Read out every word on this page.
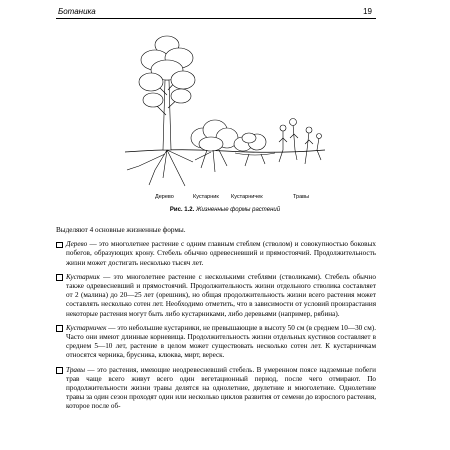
Ботаника	19
Дерево	Кустарник Кустарничек	Травы
Рис. 1.2. Жизненные формы растений

Выделяют 4 основные жизненные формы.

Дерево — это многолетнее растение с одним главным стеблем (стволом) и совокупностью боковых побегов, образующих крону. Стебель обычно одревесневший и прямостоячий. Продолжительность жизни может достигать несколько тысяч лет.
Кустарник — это многолетнее растение с несколькими стеблями (стволиками). Стебель обычно также одревесневший и прямостоячий. Продолжительность жизни отдельного стволика составляет от 2 (малина) до 20—25 лет (орешник), но общая продолжительность жизни всего растения может составлять несколько сотен лет. Необходимо отметить, что в зависимости от условий произрастания некоторые растения могут быть либо кустарниками, либо деревьями (например, рябина).
Кустарничек — это небольшие кустарники, не превышающие в высоту 50 см (в среднем 10—30 см). Часто они имеют длинные корневища. Продолжительность жизни отдельных кустиков составляет в среднем 5—10 лет, растение в целом может существовать несколько сотен лет. К кустарничкам относятся черника, брусника, клюква, мирт, вереск.
Травы — это растения, имеющие неодревесневший стебель. В умеренном поясе надземные побеги трав чаще всего живут всего один вегетационный период, после чего отмирают. По продолжительности жизни травы делятся на однолетние, двулетние и многолетние. Однолетние травы за один сезон проходят один или несколько циклов развития от семени до взрослого растения, которое после об-
